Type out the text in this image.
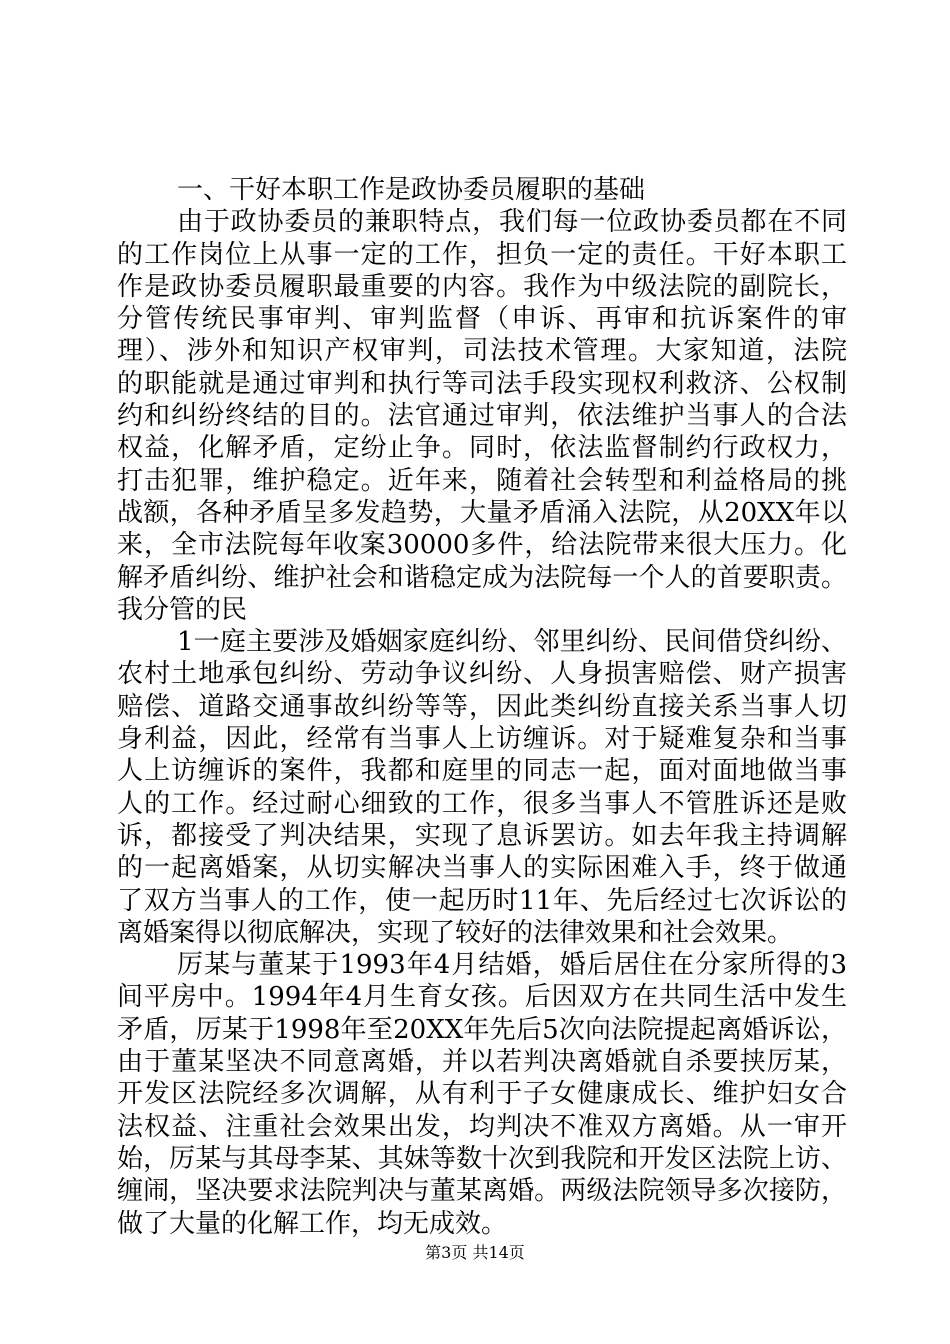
一、干好本职工作是政协委员履职的基础
由于政协委员的兼职特点，我们每一位政协委员都在不同
的工作岗位上从事一定的工作，担负一定的责任。干好本职工
作是政协委员履职最重要的内容。我作为中级法院的副院长，
分管传统民事审判、审判监督（申诉、再审和抗诉案件的审
理）、涉外和知识产权审判，司法技术管理。大家知道，法院
的职能就是通过审判和执行等司法手段实现权利救济、公权制
约和纠纷终结的目的。法官通过审判，依法维护当事人的合法
权益，化解矛盾，定纷止争。同时，依法监督制约行政权力，
打击犯罪，维护稳定。近年来，随着社会转型和利益格局的挑
战额，各种矛盾呈多发趋势，大量矛盾涌入法院，从20XX年以
来，全市法院每年收案30000多件，给法院带来很大压力。化
解矛盾纠纷、维护社会和谐稳定成为法院每一个人的首要职责。
我分管的民
1一庭主要涉及婚姻家庭纠纷、邻里纠纷、民间借贷纠纷、
农村土地承包纠纷、劳动争议纠纷、人身损害赔偿、财产损害
赔偿、道路交通事故纠纷等等，因此类纠纷直接关系当事人切
身利益，因此，经常有当事人上访缠诉。对于疑难复杂和当事
人上访缠诉的案件，我都和庭里的同志一起，面对面地做当事
人的工作。经过耐心细致的工作，很多当事人不管胜诉还是败
诉，都接受了判决结果，实现了息诉罢访。如去年我主持调解
的一起离婚案，从切实解决当事人的实际困难入手，终于做通
了双方当事人的工作，使一起历时11年、先后经过七次诉讼的
离婚案得以彻底解决，实现了较好的法律效果和社会效果。
厉某与董某于1993年4月结婚，婚后居住在分家所得的3
间平房中。1994年4月生育女孩。后因双方在共同生活中发生
矛盾，厉某于1998年至20XX年先后5次向法院提起离婚诉讼，
由于董某坚决不同意离婚，并以若判决离婚就自杀要挟厉某，
开发区法院经多次调解，从有利于子女健康成长、维护妇女合
法权益、注重社会效果出发，均判决不准双方离婚。从一审开
始，厉某与其母李某、其妹等数十次到我院和开发区法院上访、
缠闹，坚决要求法院判决与董某离婚。两级法院领导多次接防，
做了大量的化解工作，均无成效。
第3页 共14页
